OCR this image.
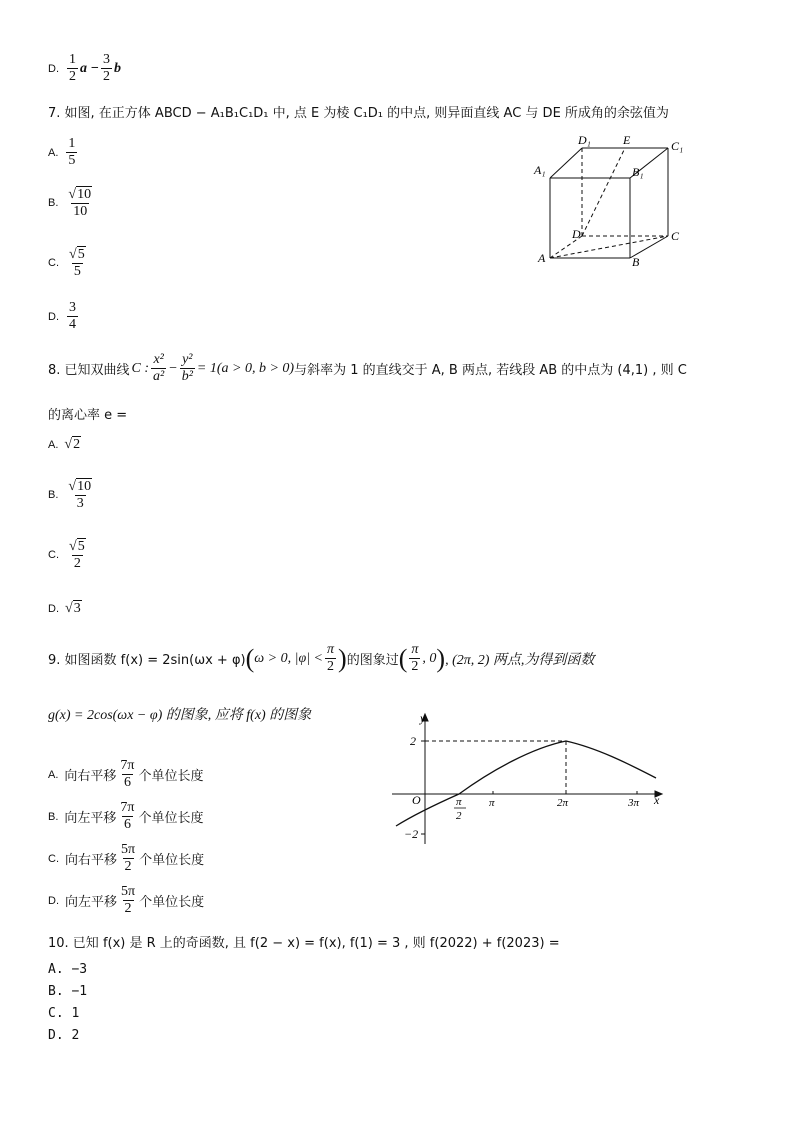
D. $\frac{1}{2}$ $a - \frac{3}{2}$ b
7. 如图, 在正方体 ABCD − A₁B₁C₁D₁ 中, 点 E 为棱 C₁D₁ 的中点, 则异面直线 AC 与 DE 所成角的余弦值为
A. $\frac{1}{5}$
B. $\frac{√ 10}{10}$
C. $\frac{√ 5}{5}$
D. $\frac{3}{4}$
D₁	E	C₁
A₁	B₁
D	C
A	B
8. 已知双曲线 C : $\frac{\text{x²}}{\text{a²}} - \frac{\text{y²}}{\text{b²}} = 1(a > 0$, b > 0) 与斜率为 1 的直线交于 A, B 两点, 若线段 AB 的中点为 (4,1) , 则 C
的离心率 e =
A. √ 2
B. $\frac{√ 10}{3}$
C. $\frac{√ 5}{2}$
D. √ 3
9. 如图函数 f(x) = 2sin(ωx + φ) ( ω > 0, $|\varphi| < \frac{\pi}{2}$ ) 的图象过 ( $\frac{\pi}{2}$ , 0 ) , (2π, 2) 两点,为得到函数
g(x) = 2cos(ωx − φ) 的图象, 应将 f(x) 的图象
A. 向右平移 $\frac{7\pi}{6}$ 个单位长度
B. 向左平移 $\frac{7\pi}{6}$ 个单位长度
C. 向右平移 $\frac{5\pi}{2}$ 个单位长度
D. 向左平移 $\frac{5\pi}{2}$ 个单位长度
y
x
O
2
−2
π
2
π	2π	3π
10. 已知 f(x) 是 R 上的奇函数, 且 f(2 − x) = f(x), f(1) = 3 , 则 f(2022) + f(2023) =
A. −3
B. −1
C. 1
D. 2
